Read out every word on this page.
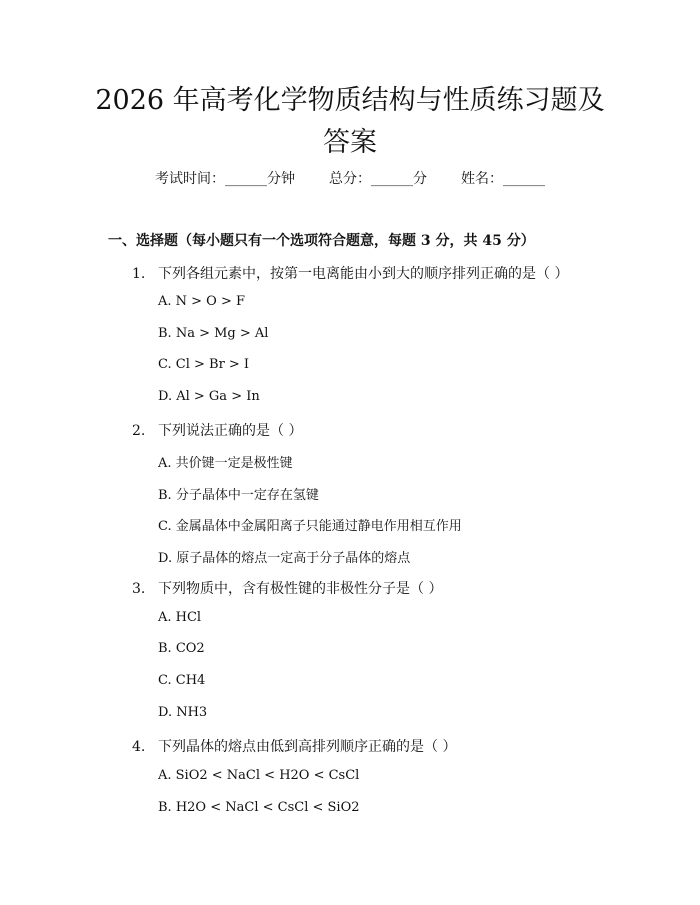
2026 年高考化学物质结构与性质练习题及答案
考试时间：______分钟 总分：______分 姓名：______
一、选择题（每小题只有一个选项符合题意，每题 3 分，共 45 分）
1. 下列各组元素中，按第一电离能由小到大的顺序排列正确的是（ ）
A. N > O > F
B. Na > Mg > Al
C. Cl > Br > I
D. Al > Ga > In
2. 下列说法正确的是（ ）
A. 共价键一定是极性键
B. 分子晶体中一定存在氢键
C. 金属晶体中金属阳离子只能通过静电作用相互作用
D. 原子晶体的熔点一定高于分子晶体的熔点
3. 下列物质中，含有极性键的非极性分子是（ ）
A. HCl
B. CO2
C. CH4
D. NH3
4. 下列晶体的熔点由低到高排列顺序正确的是（ ）
A. SiO2 < NaCl < H2O < CsCl
B. H2O < NaCl < CsCl < SiO2
